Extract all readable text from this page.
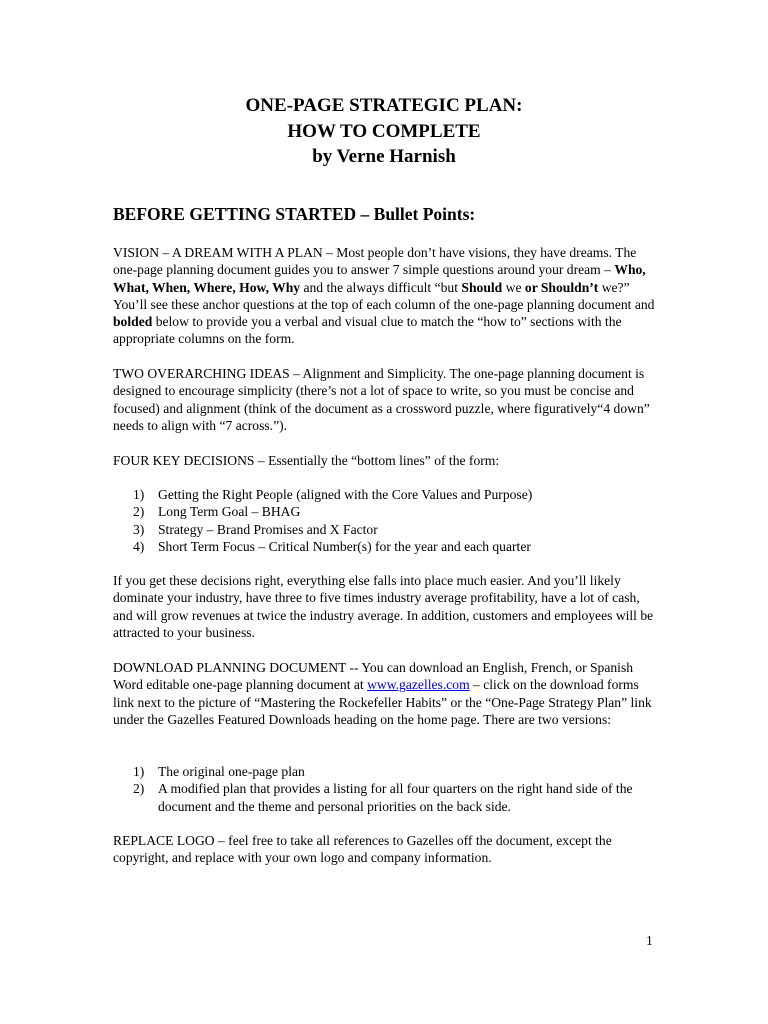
ONE-PAGE STRATEGIC PLAN:
HOW TO COMPLETE
by Verne Harnish
BEFORE GETTING STARTED – Bullet Points:

VISION – A DREAM WITH A PLAN – Most people don’t have visions, they have dreams. The one-page planning document guides you to answer 7 simple questions around your dream – Who, What, When, Where, How, Why and the always difficult “but Should we or Shouldn’t we?” You’ll see these anchor questions at the top of each column of the one-page planning document and bolded below to provide you a verbal and visual clue to match the “how to” sections with the appropriate columns on the form.

TWO OVERARCHING IDEAS – Alignment and Simplicity. The one-page planning document is designed to encourage simplicity (there’s not a lot of space to write, so you must be concise and focused) and alignment (think of the document as a crossword puzzle, where figuratively“4 down” needs to align with “7 across.”).

FOUR KEY DECISIONS – Essentially the “bottom lines” of the form:

1) Getting the Right People (aligned with the Core Values and Purpose)
2) Long Term Goal – BHAG
3) Strategy – Brand Promises and X Factor
4) Short Term Focus – Critical Number(s) for the year and each quarter

If you get these decisions right, everything else falls into place much easier. And you’ll likely dominate your industry, have three to five times industry average profitability, have a lot of cash, and will grow revenues at twice the industry average. In addition, customers and employees will be attracted to your business.

DOWNLOAD PLANNING DOCUMENT -- You can download an English, French, or Spanish Word editable one-page planning document at www.gazelles.com – click on the download forms link next to the picture of “Mastering the Rockefeller Habits” or the “One-Page Strategy Plan” link under the Gazelles Featured Downloads heading on the home page. There are two versions:

1) The original one-page plan
2) A modified plan that provides a listing for all four quarters on the right hand side of the document and the theme and personal priorities on the back side.

REPLACE LOGO – feel free to take all references to Gazelles off the document, except the copyright, and replace with your own logo and company information.

1
